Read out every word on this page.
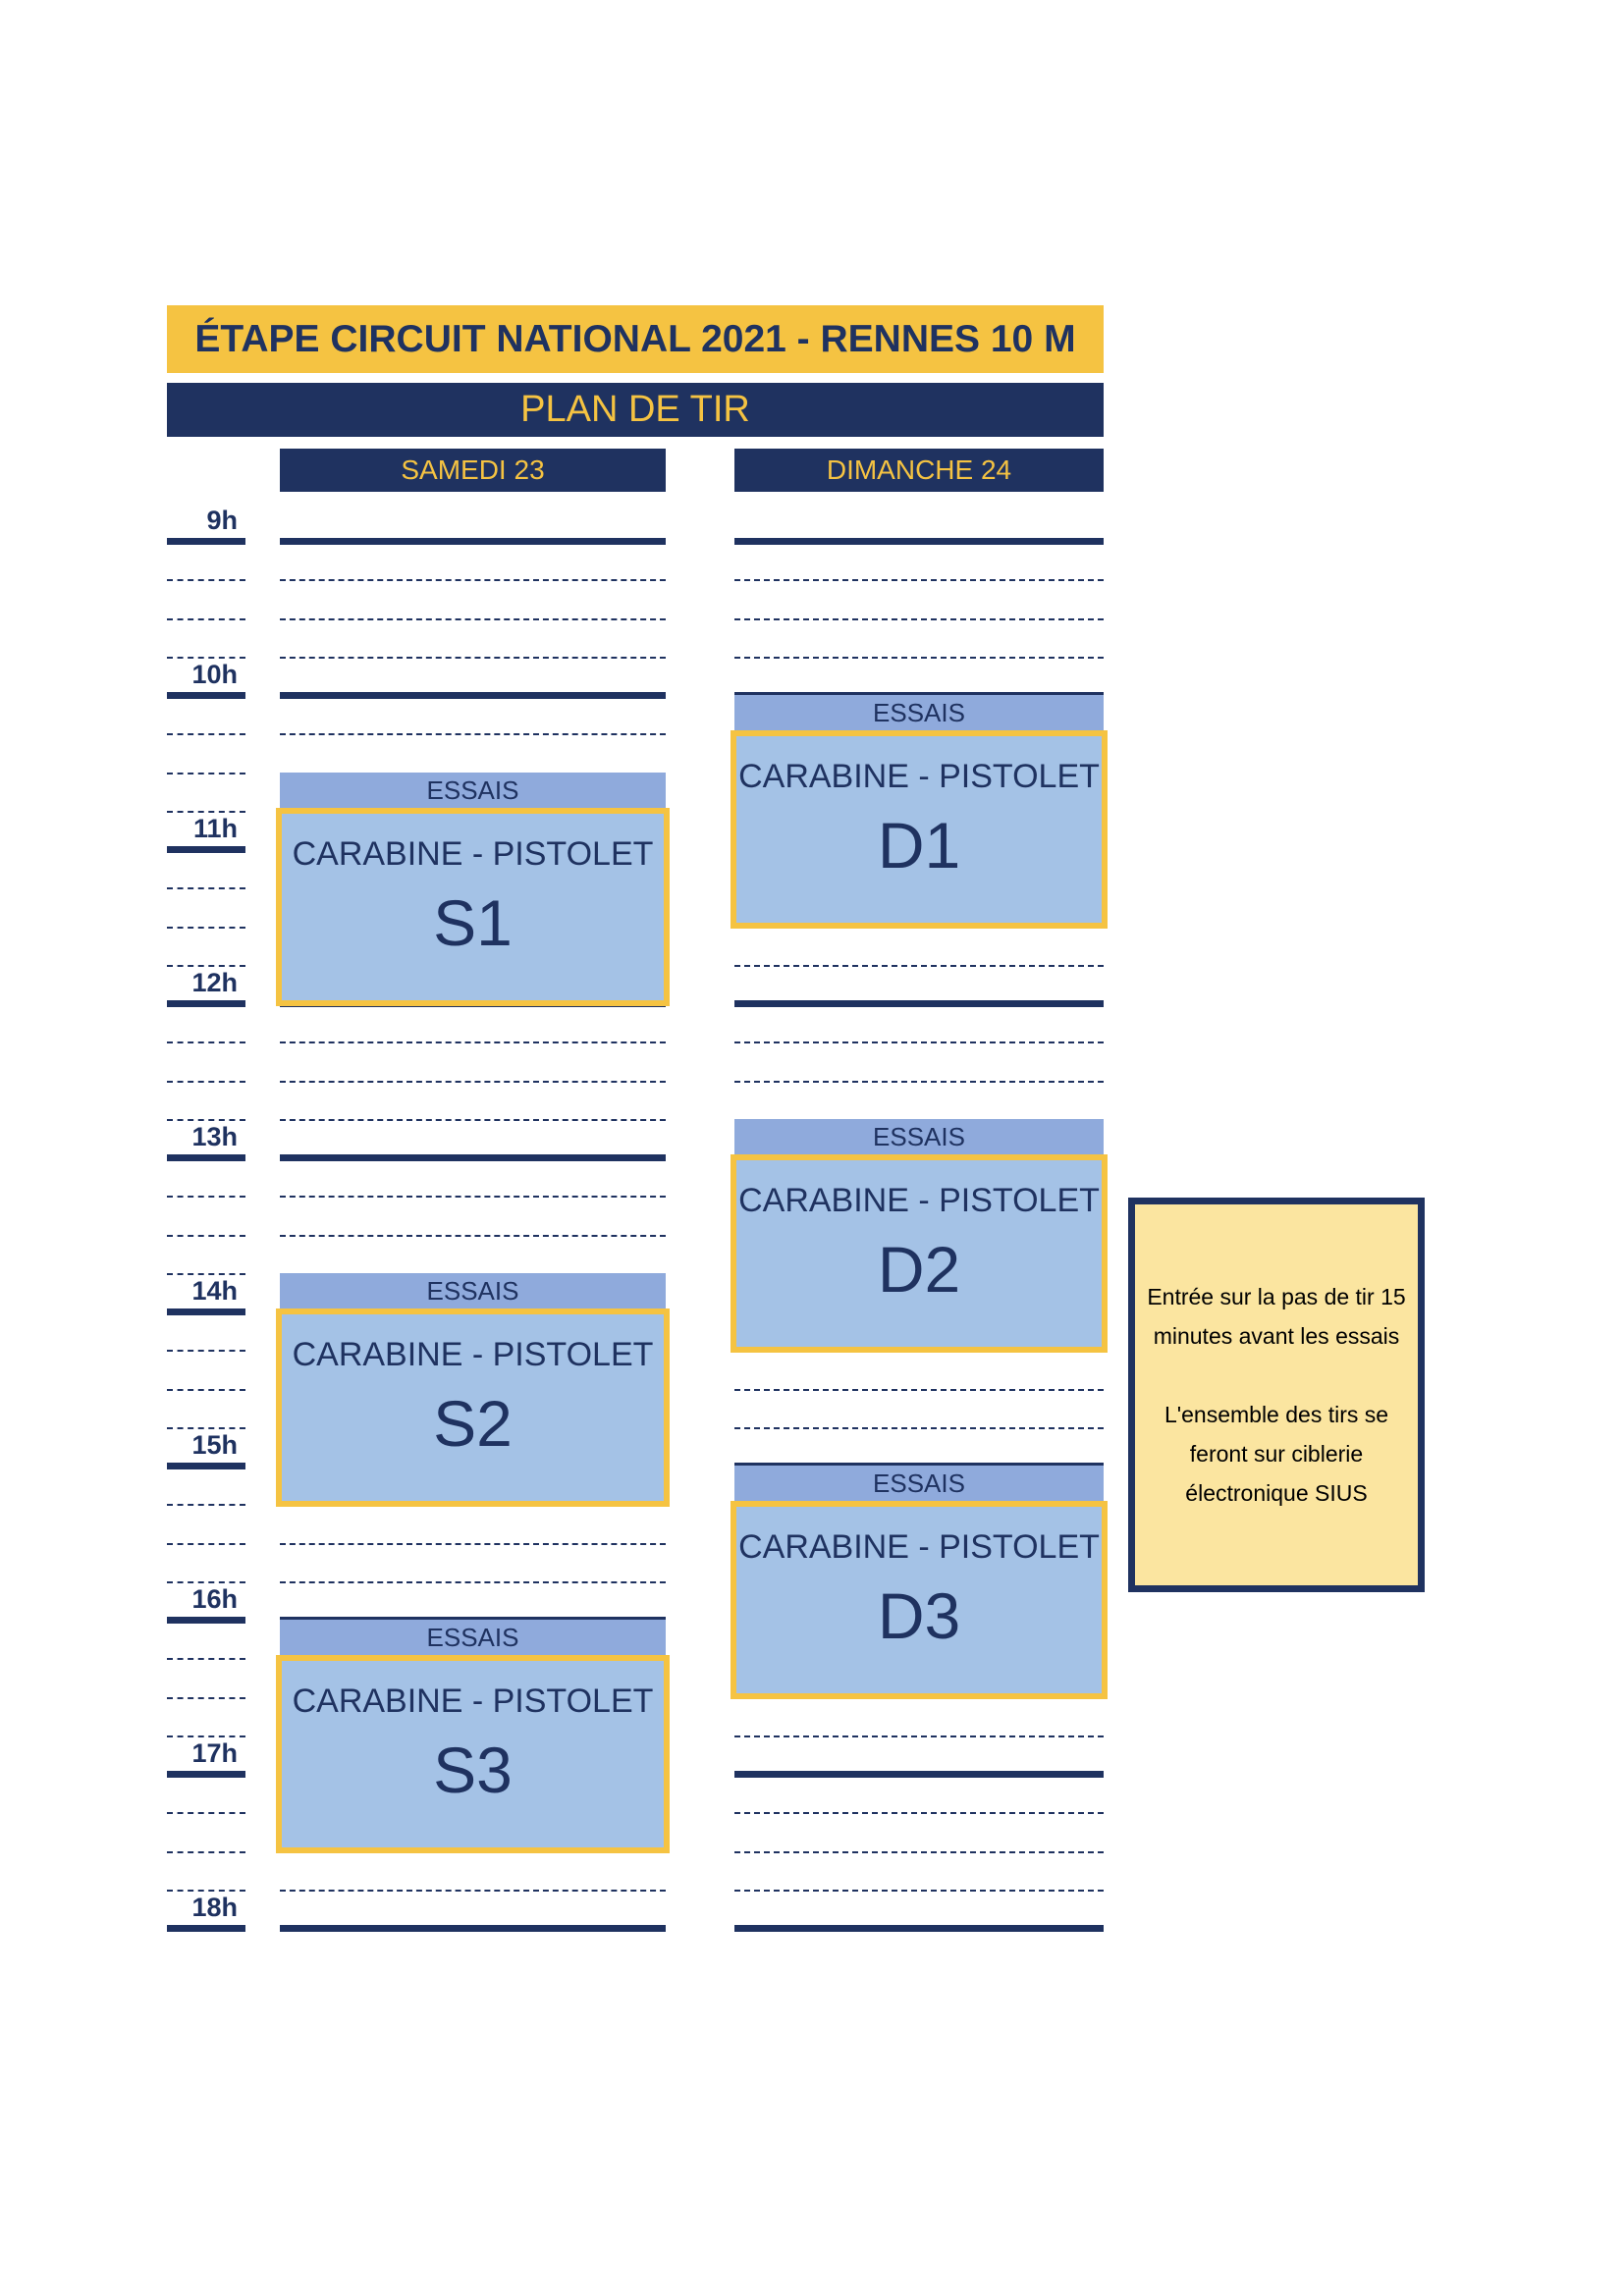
ÉTAPE CIRCUIT NATIONAL 2021 - RENNES 10 M
PLAN DE TIR
SAMEDI 23	DIMANCHE 24
9h
10h
11h
12h
13h
14h
15h
16h
17h
18h
ESSAIS
CARABINE - PISTOLET
S1
ESSAIS
CARABINE - PISTOLET
S2
ESSAIS
CARABINE - PISTOLET
S3
ESSAIS
CARABINE - PISTOLET
D1
ESSAIS
CARABINE - PISTOLET
D2
ESSAIS
CARABINE - PISTOLET
D3
Entrée sur la pas de tir 15 minutes avant les essais
L'ensemble des tirs se feront sur ciblerie électronique SIUS
